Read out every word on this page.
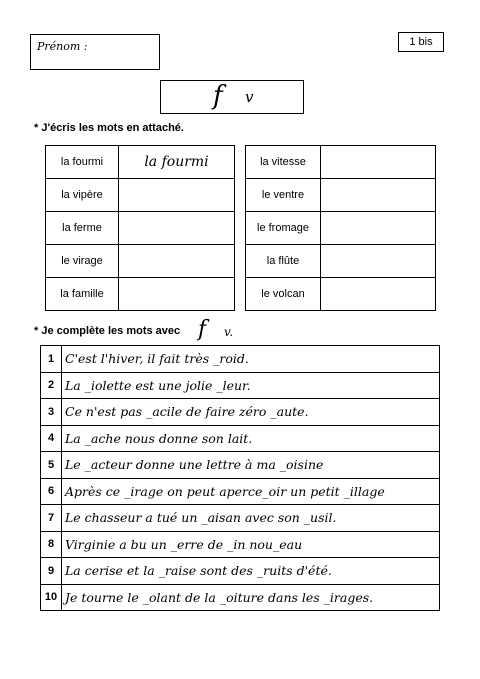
Prénom :	1 bis
f v
* J'écris les mots en attaché.
la fourmi	la fourmi
la vipère	
la ferme	
le virage	
la famille	
la vitesse	
le ventre	
le fromage	
la flûte	
le volcan	
* Je complète les mots avec f v.
1	C'est l'hiver, il fait très _roid.
2	La _iolette est une jolie _leur.
3	Ce n'est pas _acile de faire zéro _aute.
4	La _ache nous donne son lait.
5	Le _acteur donne une lettre à ma _oisine
6	Après ce _irage on peut aperce_oir un petit _illage
7	Le chasseur a tué un _aisan avec son _usil.
8	Virginie a bu un _erre de _in nou_eau
9	La cerise et la _raise sont des _ruits d'été.
10	Je tourne le _olant de la _oiture dans les _irages.
